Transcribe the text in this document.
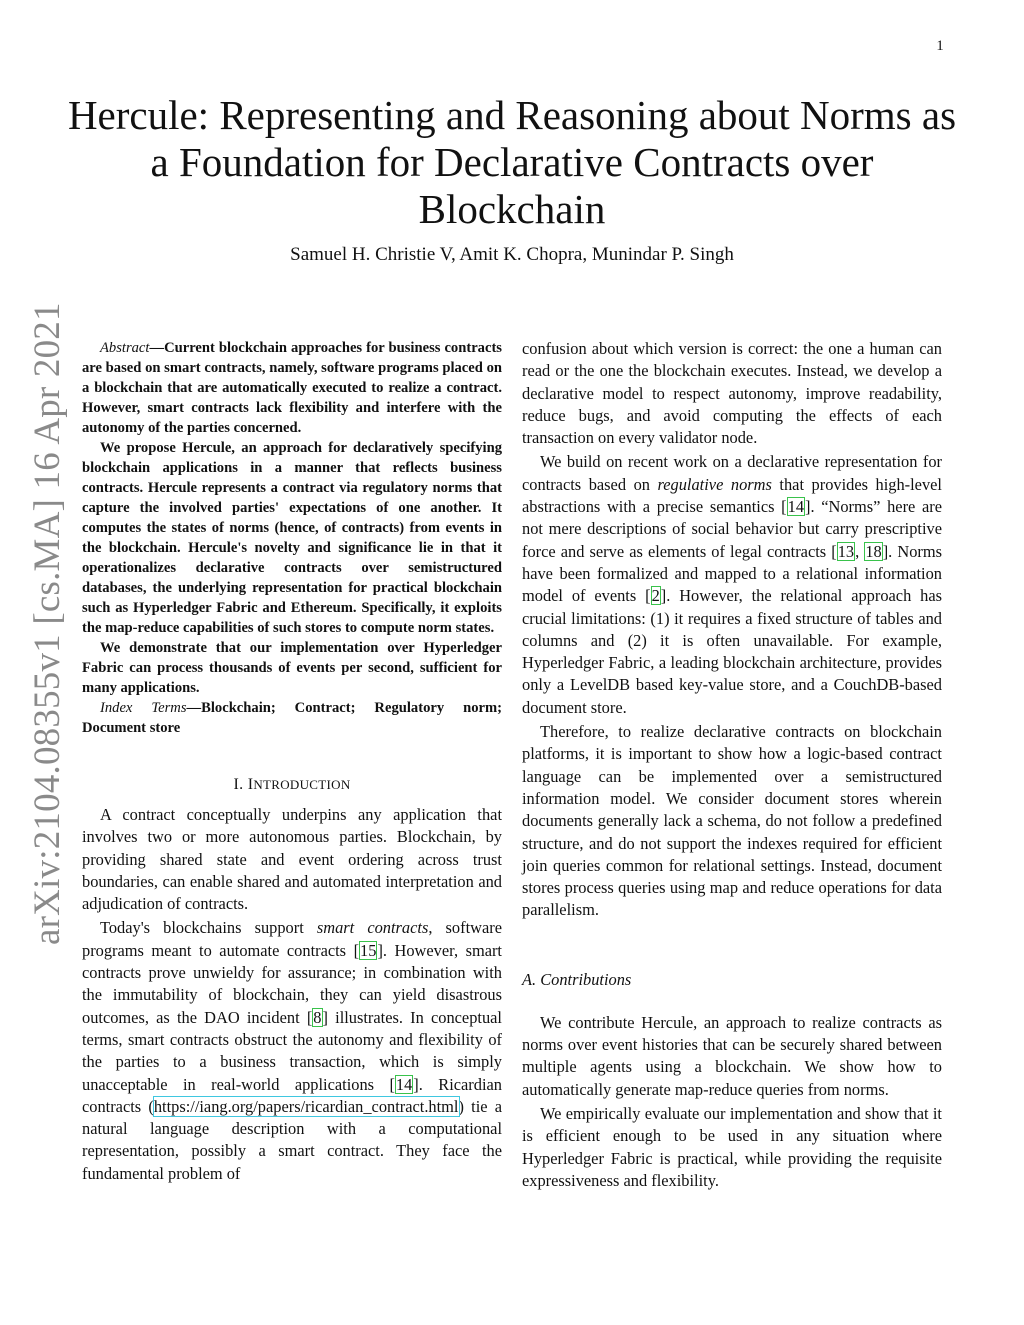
1
arXiv:2104.08355v1 [cs.MA] 16 Apr 2021
Hercule: Representing and Reasoning about Norms as a Foundation for Declarative Contracts over Blockchain
Samuel H. Christie V, Amit K. Chopra, Munindar P. Singh

Abstract—Current blockchain approaches for business contracts are based on smart contracts, namely, software programs placed on a blockchain that are automatically executed to realize a contract. However, smart contracts lack flexibility and interfere with the autonomy of the parties concerned.

We propose Hercule, an approach for declaratively specifying blockchain applications in a manner that reflects business contracts. Hercule represents a contract via regulatory norms that capture the involved parties' expectations of one another. It computes the states of norms (hence, of contracts) from events in the blockchain. Hercule's novelty and significance lie in that it operationalizes declarative contracts over semistructured databases, the underlying representation for practical blockchain such as Hyperledger Fabric and Ethereum. Specifically, it exploits the map-reduce capabilities of such stores to compute norm states.

We demonstrate that our implementation over Hyperledger Fabric can process thousands of events per second, sufficient for many applications.

Index Terms—Blockchain; Contract; Regulatory norm; Document store

I. INTRODUCTION

A contract conceptually underpins any application that involves two or more autonomous parties. Blockchain, by providing shared state and event ordering across trust boundaries, can enable shared and automated interpretation and adjudication of contracts.

Today's blockchains support smart contracts, software programs meant to automate contracts [15]. However, smart contracts prove unwieldy for assurance; in combination with the immutability of blockchain, they can yield disastrous outcomes, as the DAO incident [8] illustrates. In conceptual terms, smart contracts obstruct the autonomy and flexibility of the parties to a business transaction, which is simply unacceptable in real-world applications [14]. Ricardian contracts (https://iang.org/papers/ricardian_contract.html) tie a natural language description with a computational representation, possibly a smart contract. They face the fundamental problem of

confusion about which version is correct: the one a human can read or the one the blockchain executes. Instead, we develop a declarative model to respect autonomy, improve readability, reduce bugs, and avoid computing the effects of each transaction on every validator node.

We build on recent work on a declarative representation for contracts based on regulative norms that provides high-level abstractions with a precise semantics [14]. “Norms” here are not mere descriptions of social behavior but carry prescriptive force and serve as elements of legal contracts [13, 18]. Norms have been formalized and mapped to a relational information model of events [2]. However, the relational approach has crucial limitations: (1) it requires a fixed structure of tables and columns and (2) it is often unavailable. For example, Hyperledger Fabric, a leading blockchain architecture, provides only a LevelDB based key-value store, and a CouchDB-based document store.

Therefore, to realize declarative contracts on blockchain platforms, it is important to show how a logic-based contract language can be implemented over a semistructured information model. We consider document stores wherein documents generally lack a schema, do not follow a predefined structure, and do not support the indexes required for efficient join queries common for relational settings. Instead, document stores process queries using map and reduce operations for data parallelism.

A. Contributions

We contribute Hercule, an approach to realize contracts as norms over event histories that can be securely shared between multiple agents using a blockchain. We show how to automatically generate map-reduce queries from norms.

We empirically evaluate our implementation and show that it is efficient enough to be used in any situation where Hyperledger Fabric is practical, while providing the requisite expressiveness and flexibility.
